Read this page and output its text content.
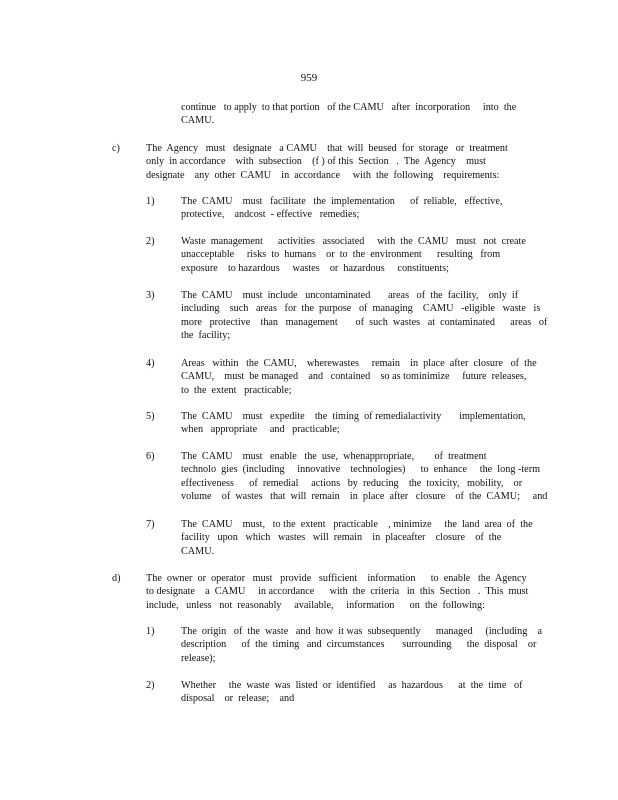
959
continue   to apply  to that portion   of the CAMU   after  incorporation     into  the
CAMU.
c)	The  Agency   must   designate   a CAMU    that  will  beused  for  storage   or  treatment
only  in accordance    with  subsection    (f ) of this  Section   .  The  Agency    must
designate    any  other  CAMU    in  accordance     with  the  following    requirements:
1)	The  CAMU    must   facilitate   the  implementation      of  reliable,   effective,
protective,    andcost  - effective   remedies;
2)	Waste  management      activities   associated     with  the  CAMU   must   not  create
unacceptable     risks  to  humans    or  to  the  environment      resulting   from
exposure    to hazardous     wastes    or  hazardous     constituents;
3)	The  CAMU    must  include   uncontaminated       areas   of  the  facility,    only  if
including    such   areas   for  the  purpose   of  managing    CAMU   -eligible   waste   is
more   protective    than   management       of  such  wastes   at  contaminated      areas   of
the  facility;
4)	Areas   within   the  CAMU,    wherewastes     remain    in  place  after  closure   of  the
CAMU,    must  be managed    and   contained    so as tominimize     future  releases,
to  the  extent   practicable;
5)	The  CAMU    must   expedite    the  timing  of remedialactivity       implementation,
when   appropriate     and   practicable;
6)	The  CAMU    must   enable   the  use,  whenappropriate,        of  treatment
technolo  gies  (including     innovative    technologies)      to  enhance     the  long -term
effectiveness      of  remedial     actions   by  reducing    the  toxicity,   mobility,    or
volume    of  wastes   that  will  remain    in  place  after   closure    of  the  CAMU;     and
7)	The  CAMU    must,   to the  extent   practicable    , minimize     the  land  area  of  the
facility   upon   which   wastes   will  remain    in  placeafter    closure    of  the
CAMU.
d)	The  owner  or  operator   must   provide   sufficient    information      to  enable   the  Agency
to designate    a  CAMU     in accordance      with  the  criteria   in  this  Section   .  This  must
include,   unless   not  reasonably     available,     information      on  the  following:
1)	The  origin   of  the  waste   and  how  it was  subsequently      managed     (including    a
description      of  the  timing   and  circumstances       surrounding      the  disposal    or
release);
2)	Whether     the  waste  was  listed  or  identified     as  hazardous      at  the  time   of
disposal    or  release;    and
